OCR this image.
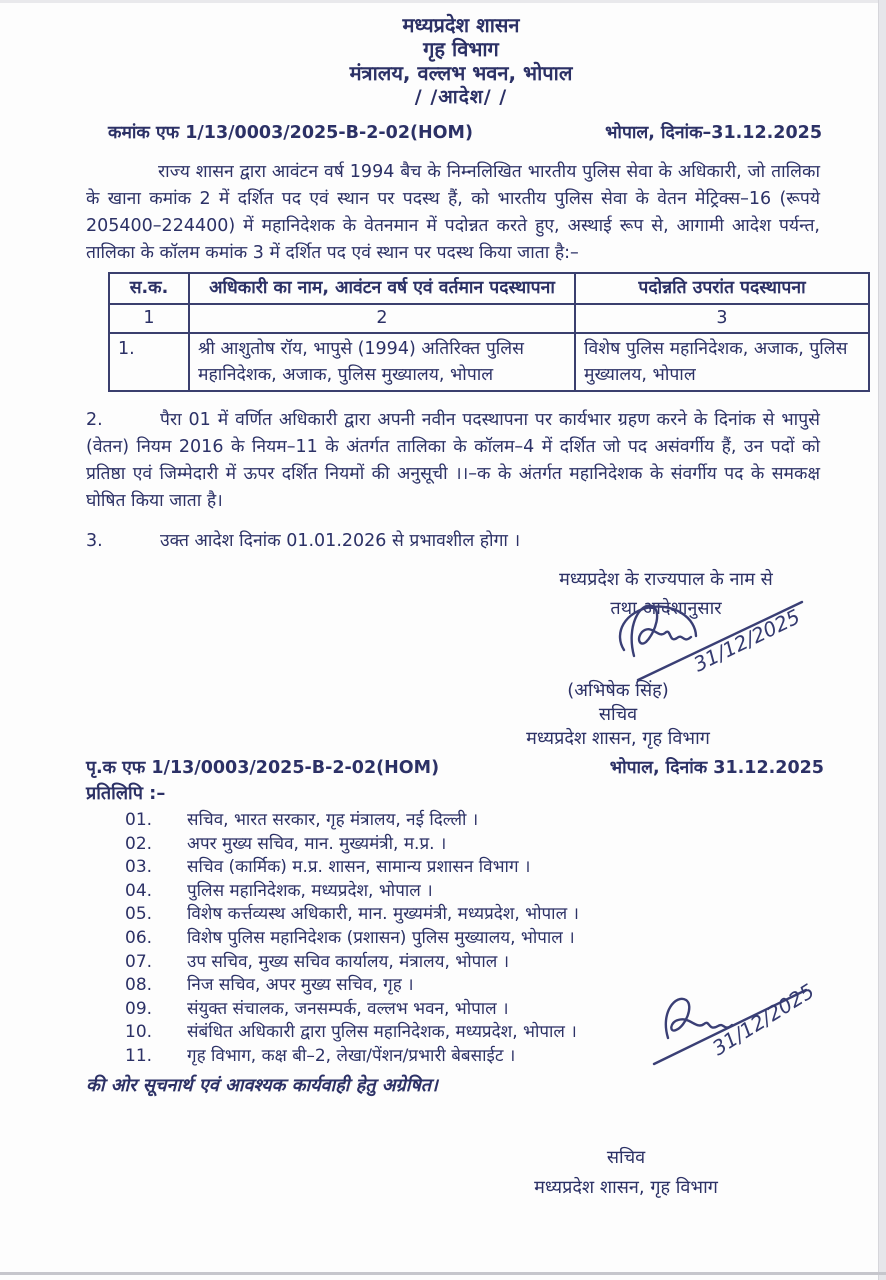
मध्यप्रदेश शासन
गृह विभाग
मंत्रालय, वल्लभ भवन, भोपाल
/ /आदेश/ /
कमांक एफ 1/13/0003/2025-B-2-02(HOM)	भोपाल, दिनांक–31.12.2025
राज्य शासन द्वारा आवंटन वर्ष 1994 बैच के निम्नलिखित भारतीय पुलिस सेवा के अधिकारी, जो तालिका के खाना कमांक 2 में दर्शित पद एवं स्थान पर पदस्थ हैं, को भारतीय पुलिस सेवा के वेतन मेट्रिक्स–16 (रूपये 205400–224400) में महानिदेशक के वेतनमान में पदोन्नत करते हुए, अस्थाई रूप से, आगामी आदेश पर्यन्त, तालिका के कॉलम कमांक 3 में दर्शित पद एवं स्थान पर पदस्थ किया जाता है:–
स.क.	अधिकारी का नाम, आवंटन वर्ष एवं वर्तमान पदस्थापना	पदोन्नति उपरांत पदस्थापना
1	2	3
1.	श्री आशुतोष रॉय, भापुसे (1994) अतिरिक्त पुलिस महानिदेशक, अजाक, पुलिस मुख्यालय, भोपाल	विशेष पुलिस महानिदेशक, अजाक, पुलिस मुख्यालय, भोपाल
2.	पैरा 01 में वर्णित अधिकारी द्वारा अपनी नवीन पदस्थापना पर कार्यभार ग्रहण करने के दिनांक से भापुसे (वेतन) नियम 2016 के नियम–11 के अंतर्गत तालिका के कॉलम–4 में दर्शित जो पद असंवर्गीय हैं, उन पदों को प्रतिष्ठा एवं जिम्मेदारी में ऊपर दर्शित नियमों की अनुसूची ।।–क के अंतर्गत महानिदेशक के संवर्गीय पद के समकक्ष घोषित किया जाता है।
3.	उक्त आदेश दिनांक 01.01.2026 से प्रभावशील होगा ।
मध्यप्रदेश के राज्यपाल के नाम से
तथा आदेशानुसार
31/12/2025
(अभिषेक सिंह)
सचिव
मध्यप्रदेश शासन, गृह विभाग
पृ.क एफ 1/13/0003/2025-B-2-02(HOM)	भोपाल, दिनांक 31.12.2025
प्रतिलिपि :–
01.	सचिव, भारत सरकार, गृह मंत्रालय, नई दिल्ली ।
02.	अपर मुख्य सचिव, मान. मुख्यमंत्री, म.प्र. ।
03.	सचिव (कार्मिक) म.प्र. शासन, सामान्य प्रशासन विभाग ।
04.	पुलिस महानिदेशक, मध्यप्रदेश, भोपाल ।
05.	विशेष कर्त्तव्यस्थ अधिकारी, मान. मुख्यमंत्री, मध्यप्रदेश, भोपाल ।
06.	विशेष पुलिस महानिदेशक (प्रशासन) पुलिस मुख्यालय, भोपाल ।
07.	उप सचिव, मुख्य सचिव कार्यालय, मंत्रालय, भोपाल ।
08.	निज सचिव, अपर मुख्य सचिव, गृह ।
09.	संयुक्त संचालक, जनसम्पर्क, वल्लभ भवन, भोपाल ।
10.	संबंधित अधिकारी द्वारा पुलिस महानिदेशक, मध्यप्रदेश, भोपाल ।
11.	गृह विभाग, कक्ष बी–2, लेखा/पेंशन/प्रभारी बेबसाईट ।
की ओर सूचनार्थ एवं आवश्यक कार्यवाही हेतु अग्रेषित।
31/12/2025
सचिव
मध्यप्रदेश शासन, गृह विभाग
